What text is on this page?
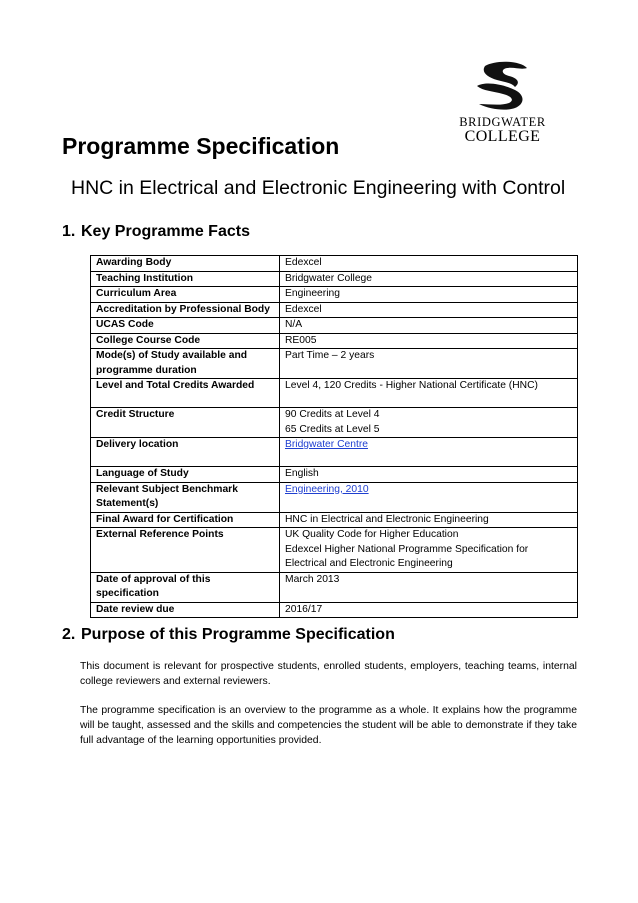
BRIDGWATER
COLLEGE
Programme Specification
HNC in Electrical and Electronic Engineering with Control
1. Key Programme Facts
Awarding Body	Edexcel

Teaching Institution	Bridgwater College

Curriculum Area	Engineering

Accreditation by Professional Body	Edexcel

UCAS Code	N/A

College Course Code	RE005

Mode(s) of Study available and programme duration	Part Time – 2 years

Level and Total Credits Awarded	Level 4, 120 Credits - Higher National Certificate (HNC)

Credit Structure	90 Credits at Level 4
65 Credits at Level 5

Delivery location	Bridgwater Centre
Language of Study	English

Relevant Subject Benchmark Statement(s)	Engineering, 2010
Final Award for Certification	HNC in Electrical and Electronic Engineering

External Reference Points	UK Quality Code for Higher Education
Edexcel Higher National Programme Specification for
Electrical and Electronic Engineering

Date of approval of this specification	March 2013

Date review due	2016/17
2. Purpose of this Programme Specification
This document is relevant for prospective students, enrolled students, employers, teaching teams, internal college reviewers and external reviewers.
The programme specification is an overview to the programme as a whole. It explains how the programme will be taught, assessed and the skills and competencies the student will be able to demonstrate if they take full advantage of the learning opportunities provided.
